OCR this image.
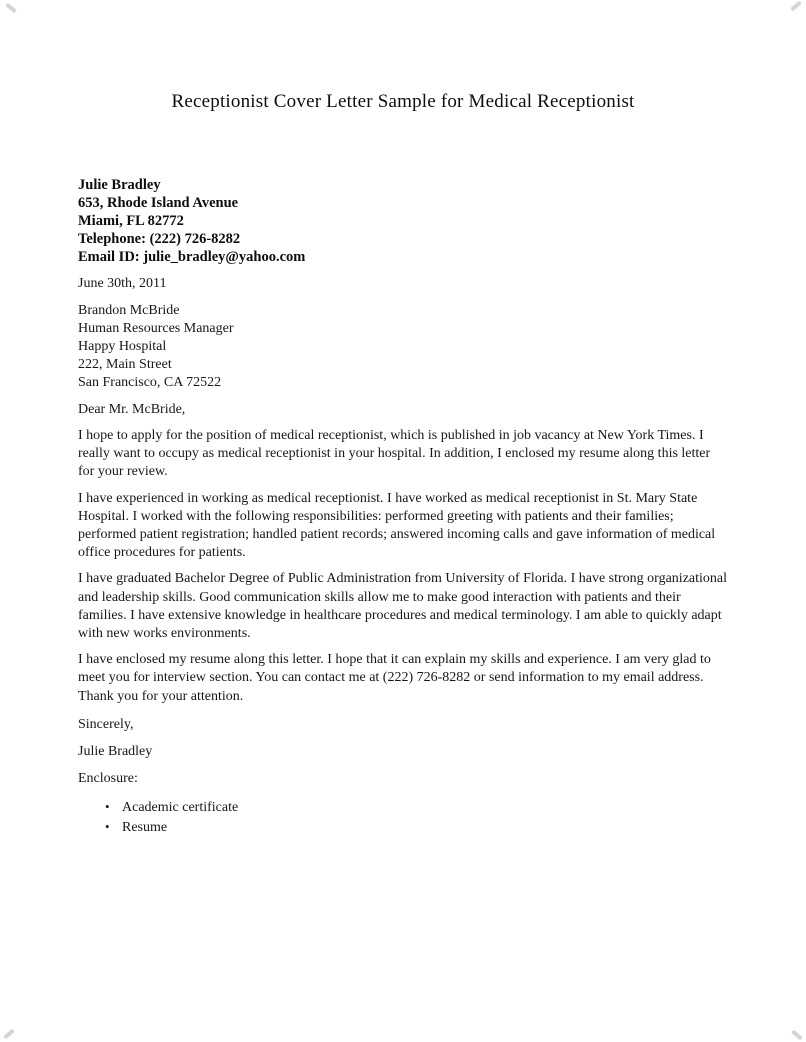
Receptionist Cover Letter Sample for Medical Receptionist
Julie Bradley
653, Rhode Island Avenue
Miami, FL 82772
Telephone: (222) 726-8282
Email ID: julie_bradley@yahoo.com

June 30th, 2011

Brandon McBride
Human Resources Manager
Happy Hospital
222, Main Street
San Francisco, CA 72522

Dear Mr. McBride,

I hope to apply for the position of medical receptionist, which is published in job vacancy at New York Times. I really want to occupy as medical receptionist in your hospital. In addition, I enclosed my resume along this letter for your review.

I have experienced in working as medical receptionist. I have worked as medical receptionist in St. Mary State Hospital. I worked with the following responsibilities: performed greeting with patients and their families; performed patient registration; handled patient records; answered incoming calls and gave information of medical office procedures for patients.

I have graduated Bachelor Degree of Public Administration from University of Florida. I have strong organizational and leadership skills. Good communication skills allow me to make good interaction with patients and their families. I have extensive knowledge in healthcare procedures and medical terminology. I am able to quickly adapt with new works environments.

I have enclosed my resume along this letter. I hope that it can explain my skills and experience. I am very glad to meet you for interview section. You can contact me at (222) 726-8282 or send information to my email address. Thank you for your attention.

Sincerely,

Julie Bradley

Enclosure:

• Academic certificate
• Resume
